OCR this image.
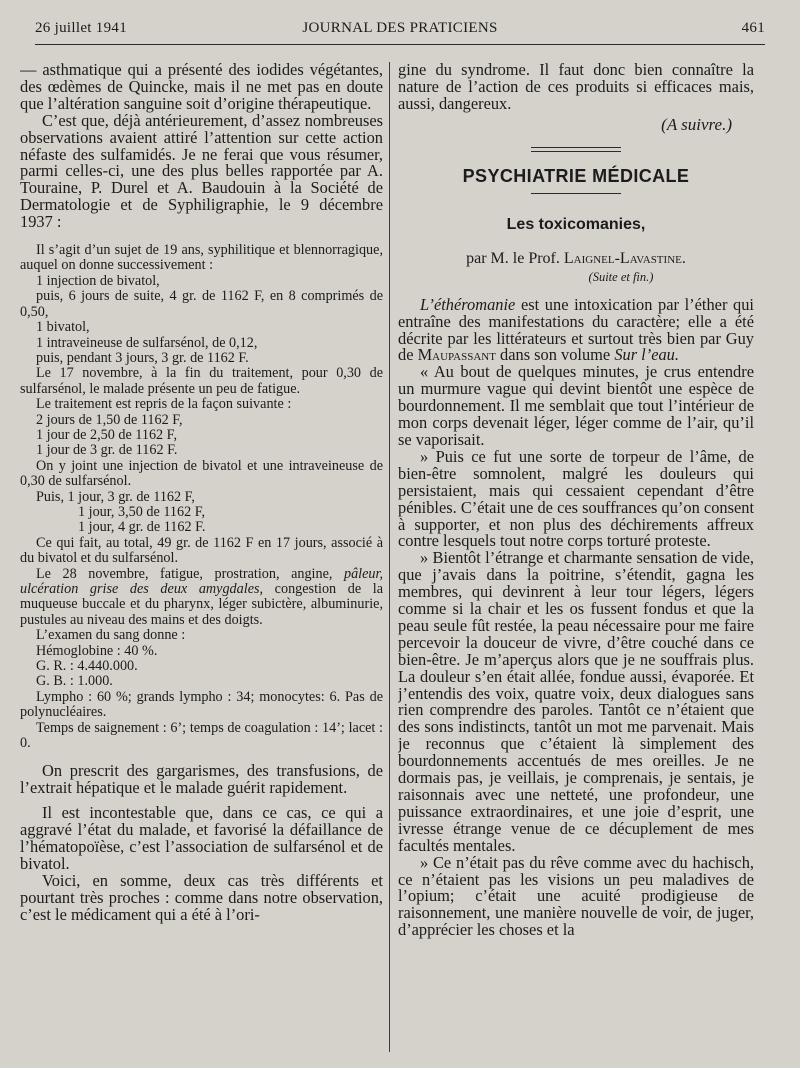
26 juillet 1941	JOURNAL DES PRATICIENS	461

— asthmatique qui a présenté des iodides végétantes, des œdèmes de Quincke, mais il ne met pas en doute que l’altération sanguine soit d’origine thérapeutique.

C’est que, déjà antérieurement, d’assez nombreuses observations avaient attiré l’attention sur cette action néfaste des sulfamidés. Je ne ferai que vous résumer, parmi celles-ci, une des plus belles rapportée par A. Touraine, P. Durel et A. Baudouin à la Société de Dermatologie et de Syphiligraphie, le 9 décembre 1937 :

Il s’agit d’un sujet de 19 ans, syphilitique et blennorragique, auquel on donne successivement :

1 injection de bivatol,

puis, 6 jours de suite, 4 gr. de 1162 F, en 8 comprimés de 0,50,

1 bivatol,

1 intraveineuse de sulfarsénol, de 0,12,

puis, pendant 3 jours, 3 gr. de 1162 F.

Le 17 novembre, à la fin du traitement, pour 0,30 de sulfarsénol, le malade présente un peu de fatigue.

Le traitement est repris de la façon suivante :

2 jours de 1,50 de 1162 F,

1 jour de 2,50 de 1162 F,

1 jour de 3 gr. de 1162 F.

On y joint une injection de bivatol et une intraveineuse de 0,30 de sulfarsénol.

Puis, 1 jour, 3 gr. de 1162 F,

1 jour, 3,50 de 1162 F,

1 jour, 4 gr. de 1162 F.

Ce qui fait, au total, 49 gr. de 1162 F en 17 jours, associé à du bivatol et du sulfarsénol.

Le 28 novembre, fatigue, prostration, angine, pâleur, ulcération grise des deux amygdales, congestion de la muqueuse buccale et du pharynx, léger subictère, albuminurie, pustules au niveau des mains et des doigts.

L’examen du sang donne :

Hémoglobine : 40 %.

G. R. : 4.440.000.

G. B. : 1.000.

Lympho : 60 %; grands lympho : 34; monocytes: 6. Pas de polynucléaires.

Temps de saignement : 6’; temps de coagulation : 14’; lacet : 0.

On prescrit des gargarismes, des transfusions, de l’extrait hépatique et le malade guérit rapidement.

Il est incontestable que, dans ce cas, ce qui a aggravé l’état du malade, et favorisé la défaillance de l’hématopoïèse, c’est l’association de sulfarsénol et de bivatol.

Voici, en somme, deux cas très différents et pourtant très proches : comme dans notre observation, c’est le médicament qui a été à l’ori-

gine du syndrome. Il faut donc bien connaître la nature de l’action de ces produits si efficaces mais, aussi, dangereux.

(A suivre.)

PSYCHIATRIE MÉDICALE
Les toxicomanies,
par M. le Prof. Laignel-Lavastine.
(Suite et fin.)

L’éthéromanie est une intoxication par l’éther qui entraîne des manifestations du caractère; elle a été décrite par les littérateurs et surtout très bien par Guy de Maupassant dans son volume Sur l’eau.

« Au bout de quelques minutes, je crus entendre un murmure vague qui devint bientôt une espèce de bourdonnement. Il me semblait que tout l’intérieur de mon corps devenait léger, léger comme de l’air, qu’il se vaporisait.

» Puis ce fut une sorte de torpeur de l’âme, de bien-être somnolent, malgré les douleurs qui persistaient, mais qui cessaient cependant d’être pénibles. C’était une de ces souffrances qu’on consent à supporter, et non plus des déchirements affreux contre lesquels tout notre corps torturé proteste.

» Bientôt l’étrange et charmante sensation de vide, que j’avais dans la poitrine, s’étendit, gagna les membres, qui devinrent à leur tour légers, légers comme si la chair et les os fussent fondus et que la peau seule fût restée, la peau nécessaire pour me faire percevoir la douceur de vivre, d’être couché dans ce bien-être. Je m’aperçus alors que je ne souffrais plus. La douleur s’en était allée, fondue aussi, évaporée. Et j’entendis des voix, quatre voix, deux dialogues sans rien comprendre des paroles. Tantôt ce n’étaient que des sons indistincts, tantôt un mot me parvenait. Mais je reconnus que c’étaient là simplement des bourdonnements accentués de mes oreilles. Je ne dormais pas, je veillais, je comprenais, je sentais, je raisonnais avec une netteté, une profondeur, une puissance extraordinaires, et une joie d’esprit, une ivresse étrange venue de ce décuplement de mes facultés mentales.

» Ce n’était pas du rêve comme avec du hachisch, ce n’étaient pas les visions un peu maladives de l’opium; c’était une acuité prodigieuse de raisonnement, une manière nouvelle de voir, de juger, d’apprécier les choses et la
